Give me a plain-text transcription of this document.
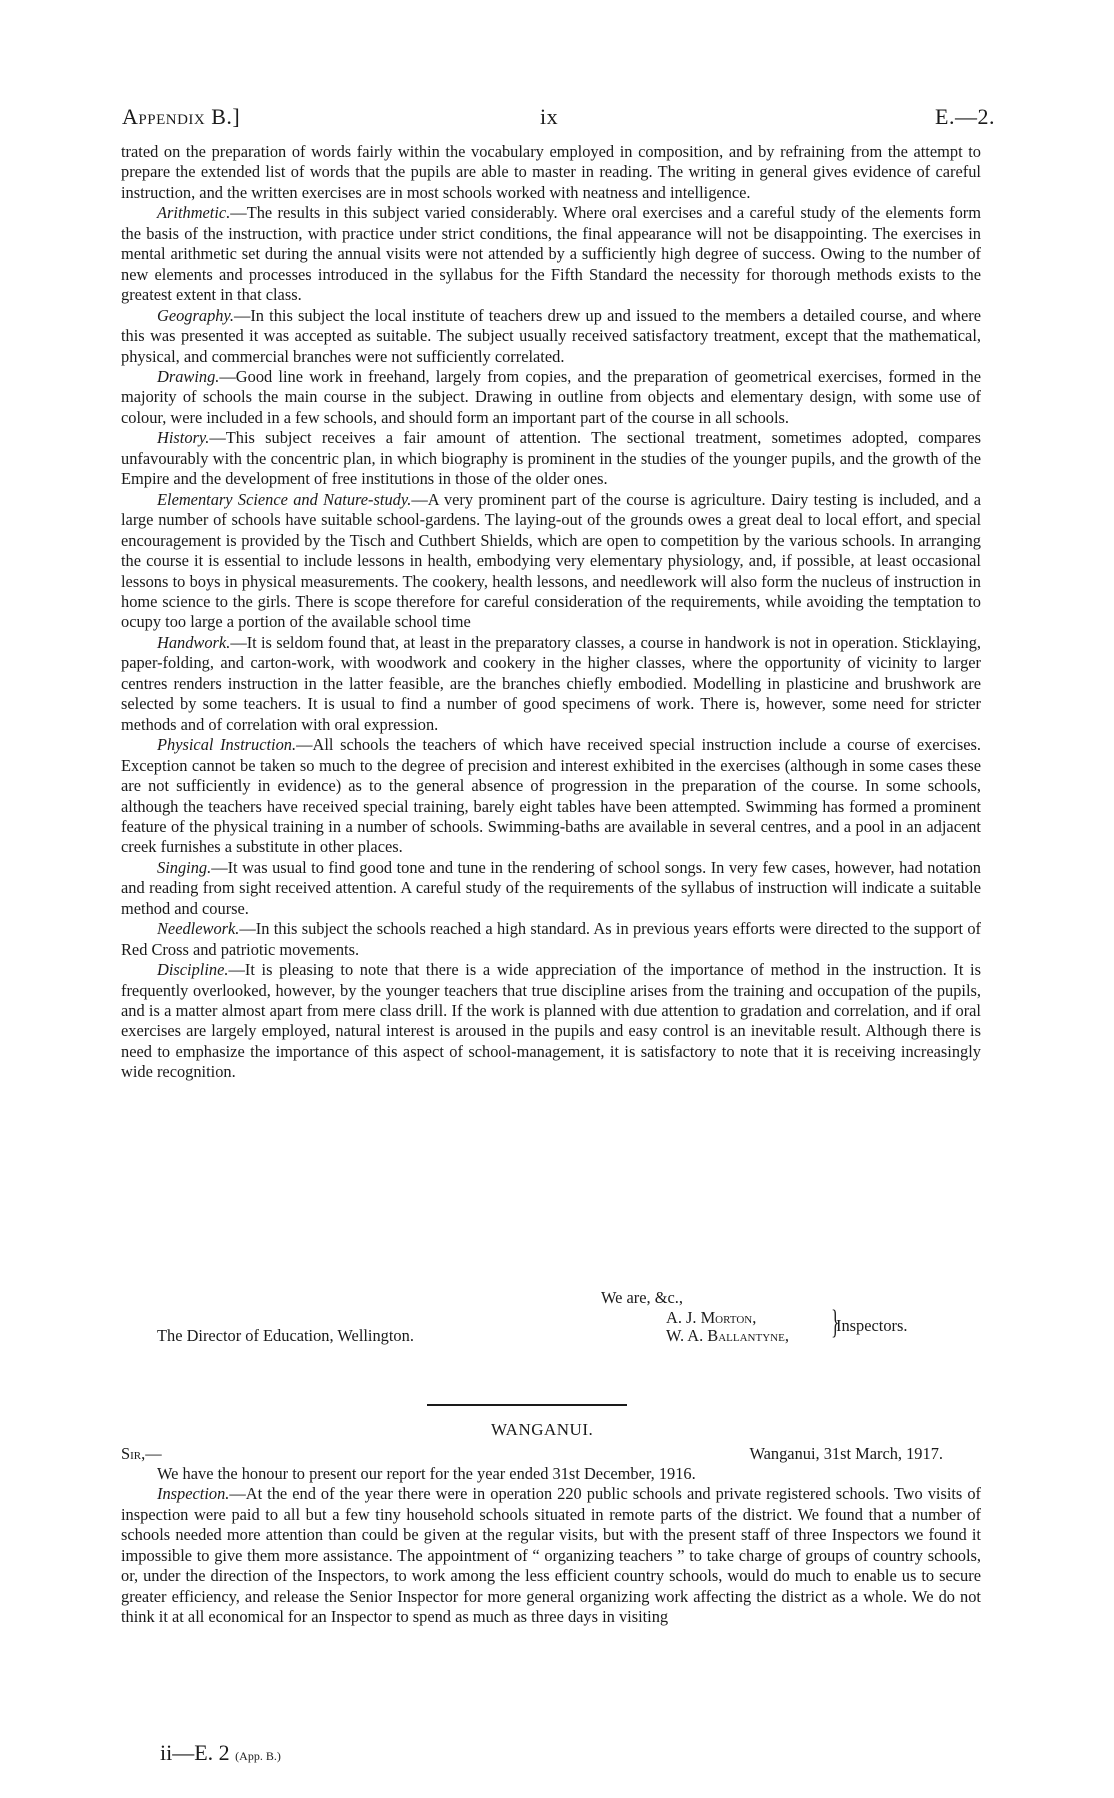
Appendix B.]	ix	E.—2.

trated on the preparation of words fairly within the vocabulary employed in composition, and by refraining from the attempt to prepare the extended list of words that the pupils are able to master in reading. The writing in general gives evidence of careful instruction, and the written exercises are in most schools worked with neatness and intelligence.

Arithmetic.—The results in this subject varied considerably. Where oral exercises and a careful study of the elements form the basis of the instruction, with practice under strict conditions, the final appearance will not be disappointing. The exercises in mental arithmetic set during the annual visits were not attended by a sufficiently high degree of success. Owing to the number of new elements and processes introduced in the syllabus for the Fifth Standard the necessity for thorough methods exists to the greatest extent in that class.

Geography.—In this subject the local institute of teachers drew up and issued to the members a detailed course, and where this was presented it was accepted as suitable. The subject usually received satisfactory treatment, except that the mathematical, physical, and commercial branches were not sufficiently correlated.

Drawing.—Good line work in freehand, largely from copies, and the preparation of geometrical exercises, formed in the majority of schools the main course in the subject. Drawing in outline from objects and elementary design, with some use of colour, were included in a few schools, and should form an important part of the course in all schools.

History.—This subject receives a fair amount of attention. The sectional treatment, sometimes adopted, compares unfavourably with the concentric plan, in which biography is prominent in the studies of the younger pupils, and the growth of the Empire and the development of free institutions in those of the older ones.

Elementary Science and Nature-study.—A very prominent part of the course is agriculture. Dairy testing is included, and a large number of schools have suitable school-gardens. The laying-out of the grounds owes a great deal to local effort, and special encouragement is provided by the Tisch and Cuthbert Shields, which are open to competition by the various schools. In arranging the course it is essential to include lessons in health, embodying very elementary physiology, and, if possible, at least occasional lessons to boys in physical measurements. The cookery, health lessons, and needlework will also form the nucleus of instruction in home science to the girls. There is scope therefore for careful consideration of the requirements, while avoiding the temptation to ocupy too large a portion of the available school time

Handwork.—It is seldom found that, at least in the preparatory classes, a course in handwork is not in operation. Sticklaying, paper-folding, and carton-work, with woodwork and cookery in the higher classes, where the opportunity of vicinity to larger centres renders instruction in the latter feasible, are the branches chiefly embodied. Modelling in plasticine and brushwork are selected by some teachers. It is usual to find a number of good specimens of work. There is, however, some need for stricter methods and of correlation with oral expression.

Physical Instruction.—All schools the teachers of which have received special instruction include a course of exercises. Exception cannot be taken so much to the degree of precision and interest exhibited in the exercises (although in some cases these are not sufficiently in evidence) as to the general absence of progression in the preparation of the course. In some schools, although the teachers have received special training, barely eight tables have been attempted. Swimming has formed a prominent feature of the physical training in a number of schools. Swimming-baths are available in several centres, and a pool in an adjacent creek furnishes a substitute in other places.

Singing.—It was usual to find good tone and tune in the rendering of school songs. In very few cases, however, had notation and reading from sight received attention. A careful study of the requirements of the syllabus of instruction will indicate a suitable method and course.

Needlework.—In this subject the schools reached a high standard. As in previous years efforts were directed to the support of Red Cross and patriotic movements.

Discipline.—It is pleasing to note that there is a wide appreciation of the importance of method in the instruction. It is frequently overlooked, however, by the younger teachers that true discipline arises from the training and occupation of the pupils, and is a matter almost apart from mere class drill. If the work is planned with due attention to gradation and correlation, and if oral exercises are largely employed, natural interest is aroused in the pupils and easy control is an inevitable result. Although there is need to emphasize the importance of this aspect of school-management, it is satisfactory to note that it is receiving increasingly wide recognition.

We are, &c.,
The Director of Education, Wellington.
A. J. Morton,
W. A. Ballantyne, }
Inspectors.
WANGANUI.
Sir,—	Wanganui, 31st March, 1917.

We have the honour to present our report for the year ended 31st December, 1916.

Inspection.—At the end of the year there were in operation 220 public schools and private registered schools. Two visits of inspection were paid to all but a few tiny household schools situated in remote parts of the district. We found that a number of schools needed more attention than could be given at the regular visits, but with the present staff of three Inspectors we found it impossible to give them more assistance. The appointment of “ organizing teachers ” to take charge of groups of country schools, or, under the direction of the Inspectors, to work among the less efficient country schools, would do much to enable us to secure greater efficiency, and release the Senior Inspector for more general organizing work affecting the district as a whole. We do not think it at all economical for an Inspector to spend as much as three days in visiting

ii—E. 2 (App. B.)
